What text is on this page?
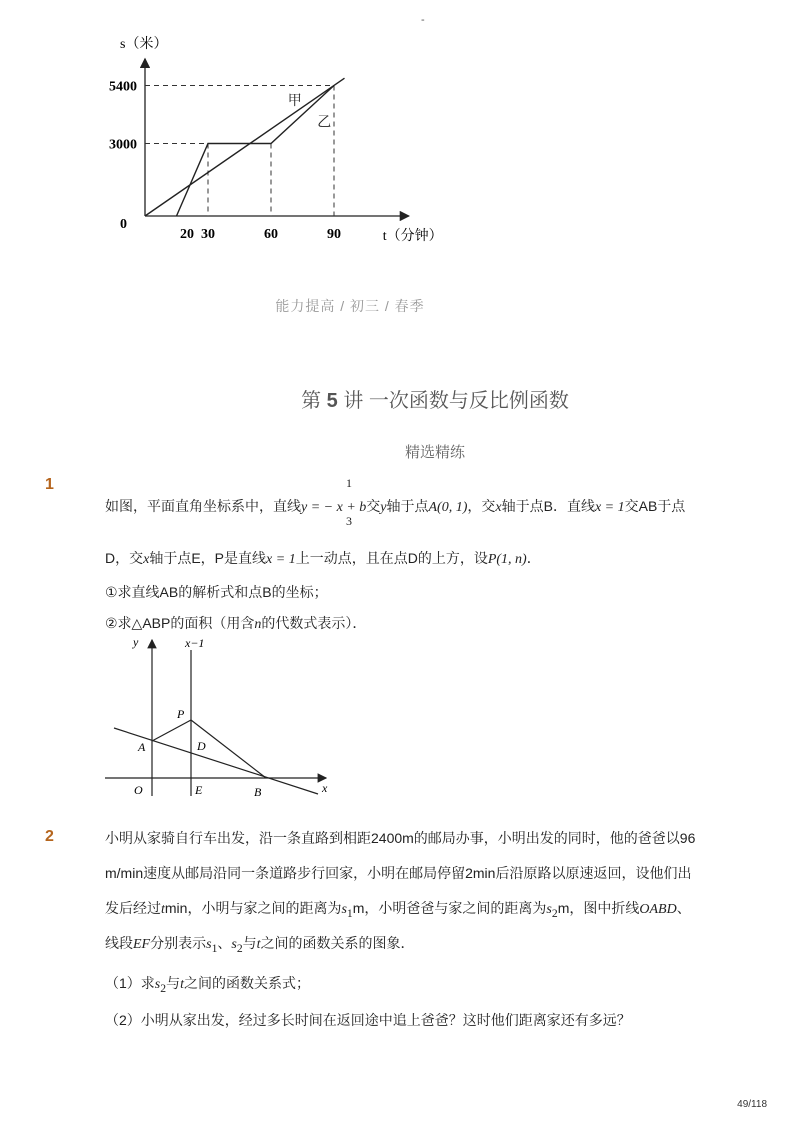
-
甲
乙
20 30	60	90
3000
5400
0
s（米）
t（分钟）
能力提高 / 初三 / 春季
第 5 讲 一次函数与反比例函数
精选精练
1	1
3
如图，平面直角坐标系中，直线y = − x + b交y轴于点A(0, 1)，交x轴于点B．直线x = 1交AB于点
D，交x轴于点E，P是直线x = 1上一动点，且在点D的上方，设P(1, n)．
①求直线AB的解析式和点B的坐标；
②求△ABP的面积（用含n的代数式表示）．
y	x−1
x
O	E	B
A
P
D
2	小明从家骑自行车出发，沿一条直路到相距2400m的邮局办事，小明出发的同时，他的爸爸以96
m/min速度从邮局沿同一条道路步行回家，小明在邮局停留2min后沿原路以原速返回，设他们出
发后经过tmin，小明与家之间的距离为$s_1m$，小明爸爸与家之间的距离为$s_2m$，图中折线OABD、
线段EF分别表示$s_1$、$s_2$与t之间的函数关系的图象．
（1）求$s_2$与t之间的函数关系式；
（2）小明从家出发，经过多长时间在返回途中追上爸爸？这时他们距离家还有多远？
49/118
